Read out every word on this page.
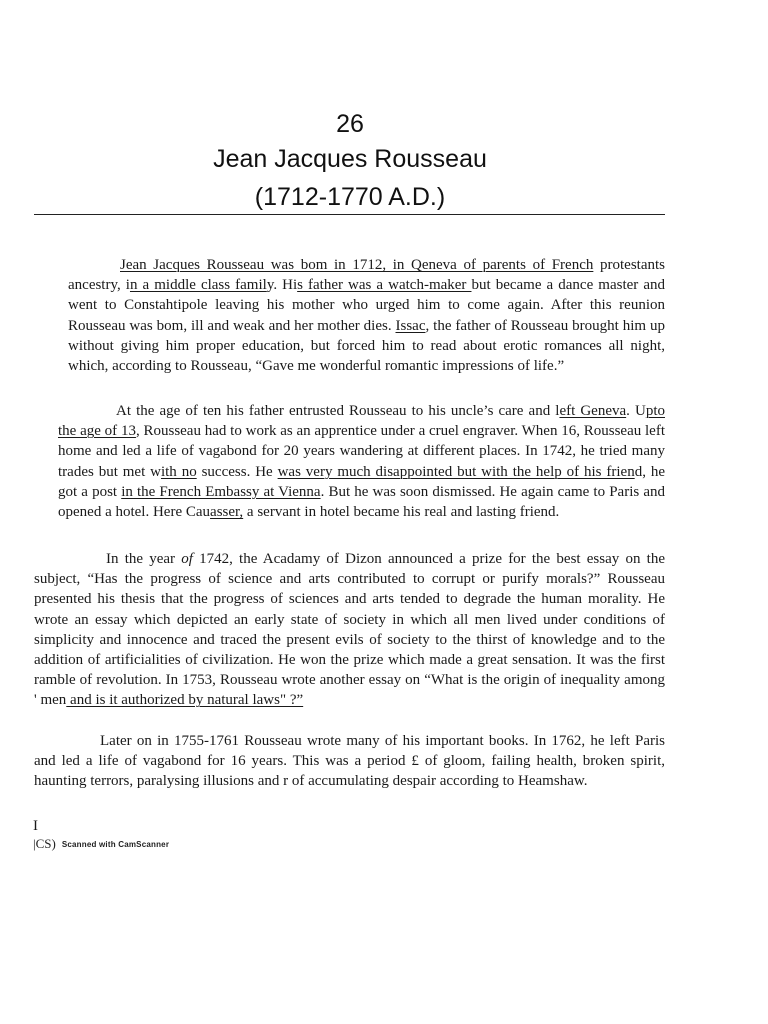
26
Jean Jacques Rousseau
(1712-1770 A.D.)

Jean Jacques Rousseau was bom in 1712, in Qeneva of parents of French protestants ancestry, in a middle class family. His father was a watch-maker but became a dance master and went to Constahtipole leaving his mother who urged him to come again. After this reunion Rousseau was bom, ill and weak and her mother dies. Issac, the father of Rousseau brought him up without giving him proper education, but forced him to read about erotic romances all night, which, according to Rousseau, “Gave me wonderful romantic impressions of life.”

At the age of ten his father entrusted Rousseau to his uncle’s care and left Geneva. Upto the age of 13, Rousseau had to work as an apprentice under a cruel engraver. When 16, Rousseau left home and led a life of vagabond for 20 years wandering at different places. In 1742, he tried many trades but met with no success. He was very much disappointed but with the help of his friend, he got a post in the French Embassy at Vienna. But he was soon dismissed. He again came to Paris and opened a hotel. Here Cauasser, a servant in hotel became his real and lasting friend.

In the year of 1742, the Acadamy of Dizon announced a prize for the best essay on the subject, “Has the progress of science and arts contributed to corrupt or purify morals?” Rousseau presented his thesis that the progress of sciences and arts tended to degrade the human morality. He wrote an essay which depicted an early state of society in which all men lived under conditions of simplicity and innocence and traced the present evils of society to the thirst of knowledge and to the addition of artificialities of civilization. He won the prize which made a great sensation. It was the first ramble of revolution. In 1753, Rousseau wrote another essay on “What is the origin of inequality among ' men and is it authorized by natural laws" ?”

Later on in 1755-1761 Rousseau wrote many of his important books. In 1762, he left Paris and led a life of vagabond for 16 years. This was a period £ of gloom, failing health, broken spirit, haunting terrors, paralysing illusions and r of accumulating despair according to Heamshaw.

I
|CS) Scanned with CamScanner
